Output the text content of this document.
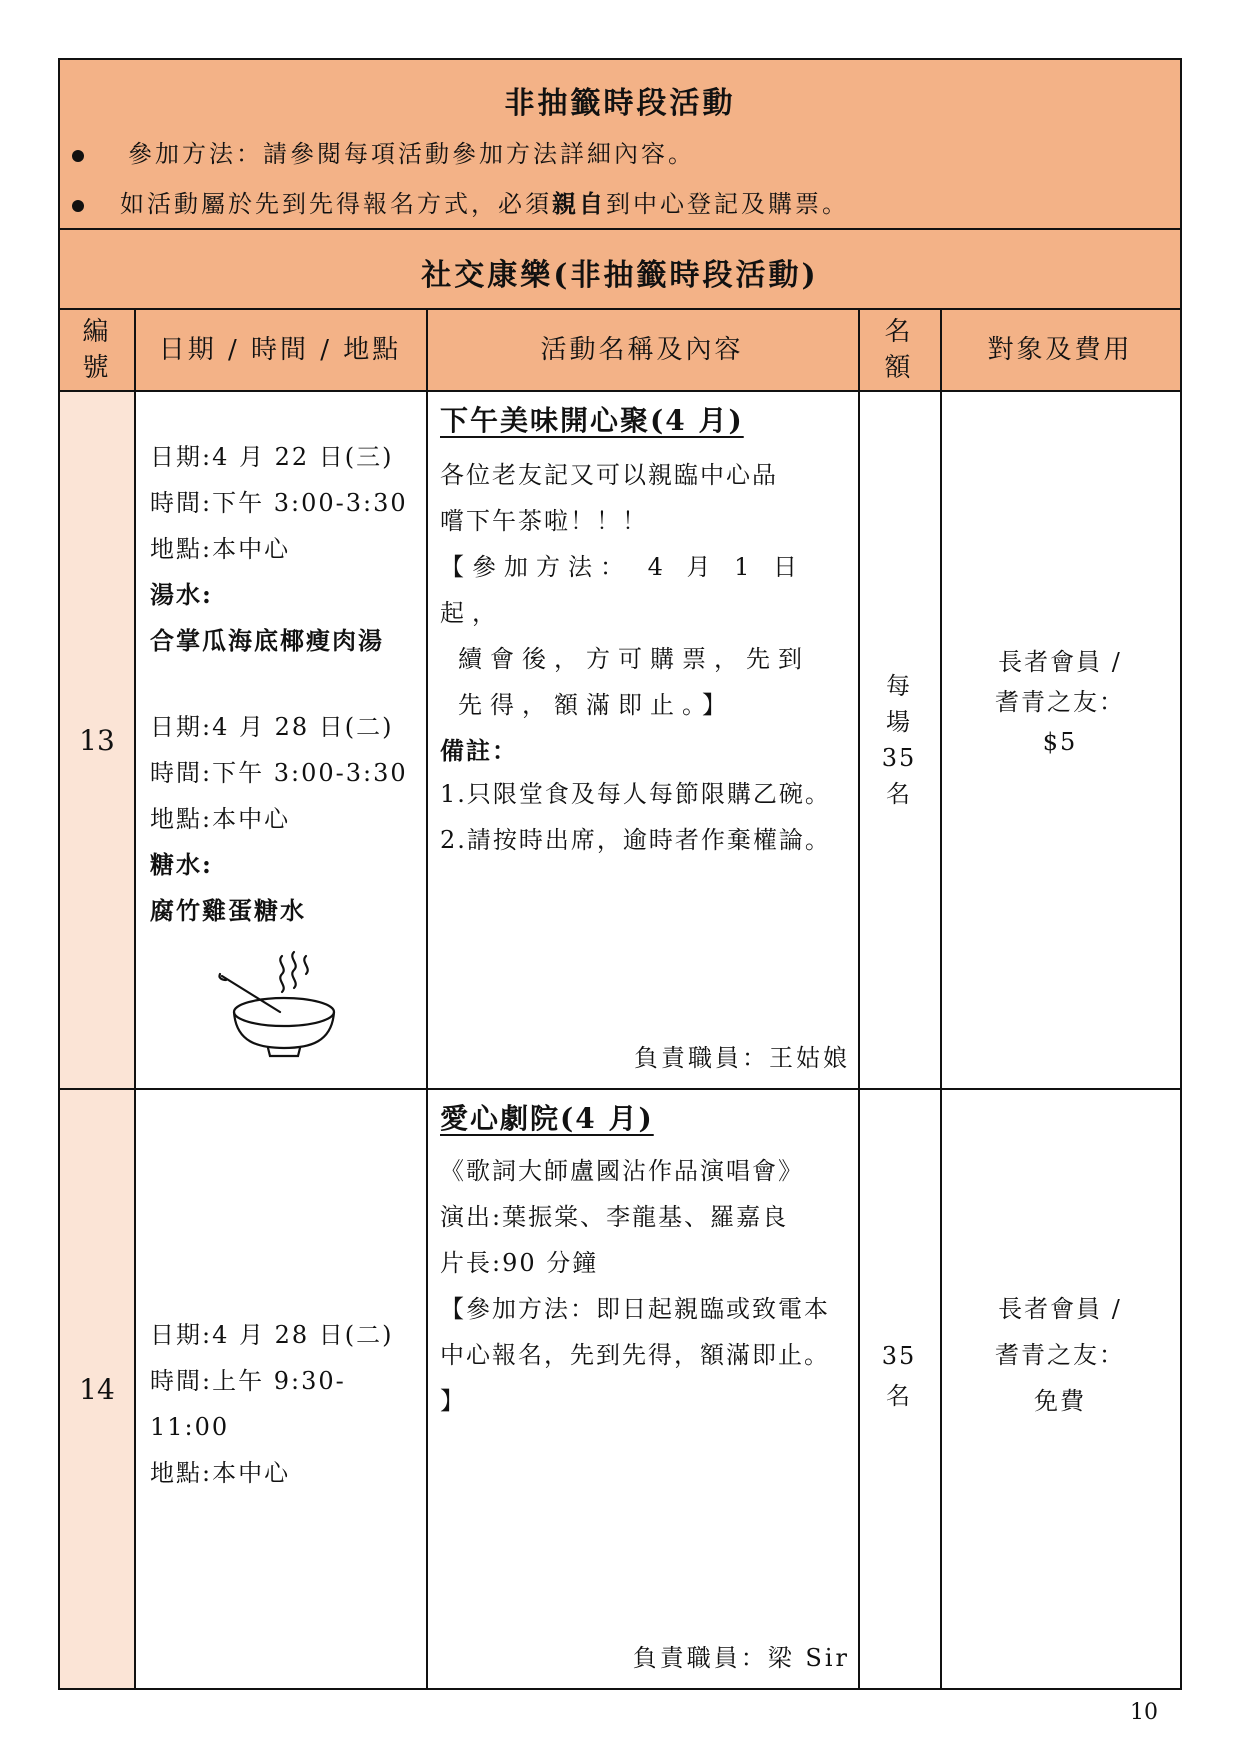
非抽籤時段活動
參加方法：請參閱每項活動參加方法詳細內容。
如活動屬於先到先得報名方式，必須親自到中心登記及購票。
社交康樂(非抽籤時段活動)
編
號
日期 / 時間 / 地點	活動名稱及內容
名
額
對象及費用
13
日期:4 月 22 日(三)
時間:下午 3:00-3:30
地點:本中心
湯水:
合掌瓜海底椰瘦肉湯
日期:4 月 28 日(二)
時間:下午 3:00-3:30
地點:本中心
糖水:
腐竹雞蛋糖水
下午美味開心聚(4 月)
各位老友記又可以親臨中心品
嚐下午茶啦！！！
【參加方法： 4 月 1 日起，
續會後，方可購票，先到
先得，額滿即止。】
備註：
1.只限堂食及每人每節限購乙碗。
2.請按時出席，逾時者作棄權論。
負責職員：王姑娘
每
場
35
名
長者會員 /
耆青之友：
$5
14
日期:4 月 28 日(二)
時間:上午 9:30-11:00
地點:本中心
愛心劇院(4 月)
《歌詞大師盧國沾作品演唱會》
演出:葉振棠、李龍基、羅嘉良
片長:90 分鐘
【參加方法：即日起親臨或致電本中心報名，先到先得，額滿即止。 】
負責職員：梁 Sir
35
名
長者會員 /
耆青之友：
免費
10
